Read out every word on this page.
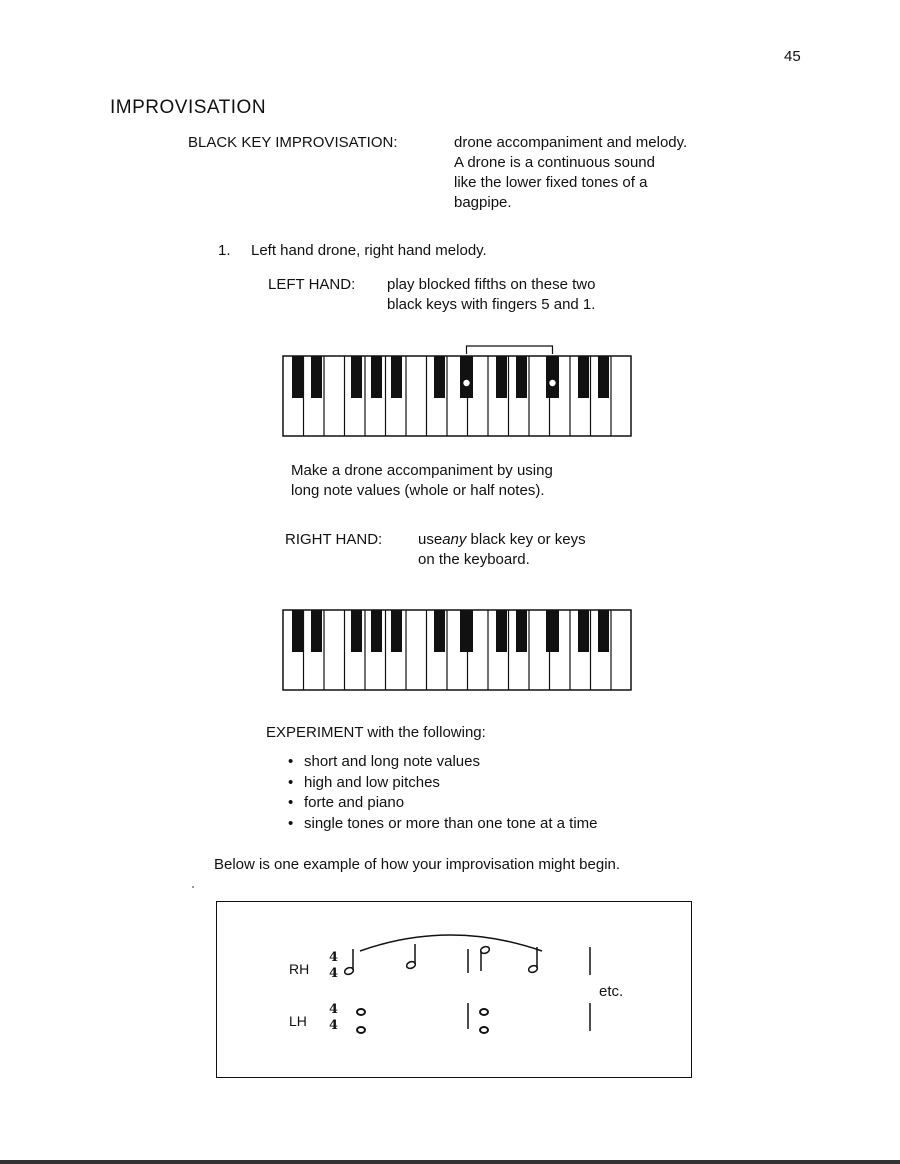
45
IMPROVISATION
BLACK KEY IMPROVISATION:	drone accompaniment and melody.
A drone is a continuous sound
like the lower fixed tones of a
bagpipe.
1. Left hand drone, right hand melody.
LEFT HAND: play blocked fifths on these two
black keys with fingers 5 and 1.
Make a drone accompaniment by using
long note values (whole or half notes).
RIGHT HAND: useany black key or keys
on the keyboard.
EXPERIMENT with the following:
• short and long note values
• high and low pitches
• forte and piano
• single tones or more than one tone at a time
Below is one example of how your improvisation might begin.
RH
LH
etc.
4
4
4
4
